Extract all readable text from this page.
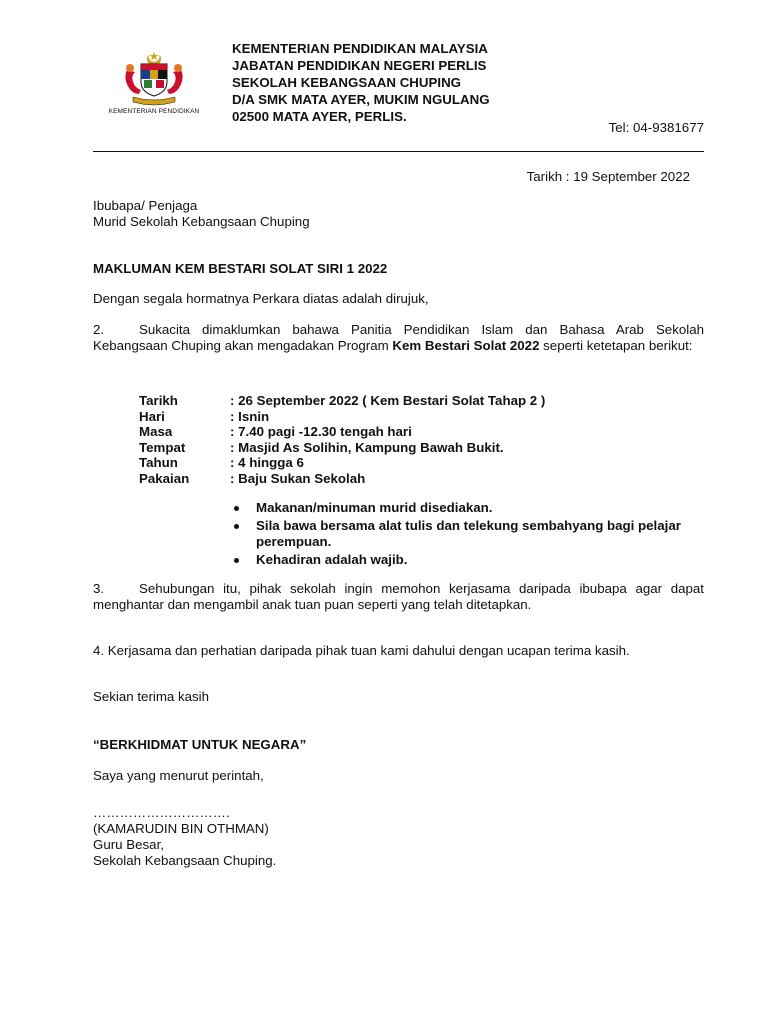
KEMENTERIAN PENDIDIKAN
KEMENTERIAN PENDIDIKAN MALAYSIA
JABATAN PENDIDIKAN NEGERI PERLIS
SEKOLAH KEBANGSAAN CHUPING
D/A SMK MATA AYER, MUKIM NGULANG
02500 MATA AYER, PERLIS.
Tel: 04-9381677
Tarikh : 19 September 2022
Ibubapa/ Penjaga
Murid Sekolah Kebangsaan Chuping
MAKLUMAN KEM BESTARI SOLAT SIRI 1 2022
Dengan segala hormatnya Perkara diatas adalah dirujuk,
2.	Sukacita dimaklumkan bahawa Panitia Pendidikan Islam dan Bahasa Arab Sekolah Kebangsaan Chuping akan mengadakan Program Kem Bestari Solat 2022 seperti ketetapan berikut:
Tarikh	: 26 September 2022 ( Kem Bestari Solat Tahap 2 )
Hari	: Isnin
Masa	: 7.40 pagi -12.30 tengah hari
Tempat	: Masjid As Solihin, Kampung Bawah Bukit.
Tahun	: 4 hingga 6
Pakaian	: Baju Sukan Sekolah
Makanan/minuman murid disediakan.
Sila bawa bersama alat tulis dan telekung sembahyang bagi pelajar perempuan.
Kehadiran adalah wajib.
3.	Sehubungan itu, pihak sekolah ingin memohon kerjasama daripada ibubapa agar dapat menghantar dan mengambil anak tuan puan seperti yang telah ditetapkan.
4. Kerjasama dan perhatian daripada pihak tuan kami dahului dengan ucapan terima kasih.
Sekian terima kasih
“BERKHIDMAT UNTUK NEGARA”
Saya yang menurut perintah,
………………………….
(KAMARUDIN BIN OTHMAN)
Guru Besar,
Sekolah Kebangsaan Chuping.
